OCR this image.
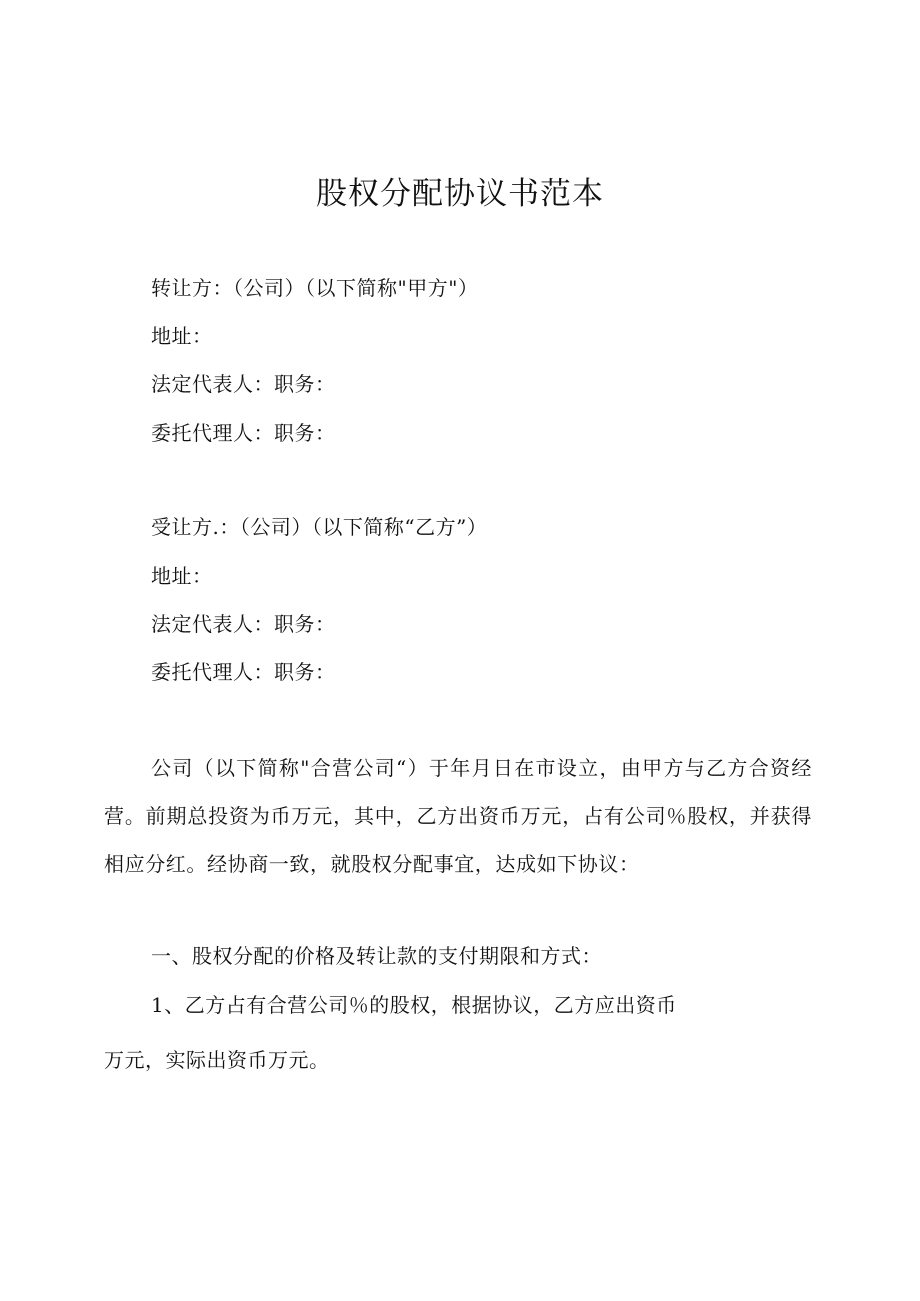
股权分配协议书范本
转让方：（公司）（以下简称"甲方"）
地址：
法定代表人：职务：
委托代理人：职务：
受让方.：（公司）（以下简称“乙方”）
地址：
法定代表人：职务：
委托代理人：职务：
公司（以下简称"合营公司“）于年月日在市设立，由甲方与乙方合资经营。前期总投资为币万元，其中，乙方出资币万元，占有公司％股权，并获得相应分红。经协商一致，就股权分配事宜，达成如下协议：
一、股权分配的价格及转让款的支付期限和方式：
1、乙方占有合营公司％的股权，根据协议，乙方应出资币
万元，实际出资币万元。
